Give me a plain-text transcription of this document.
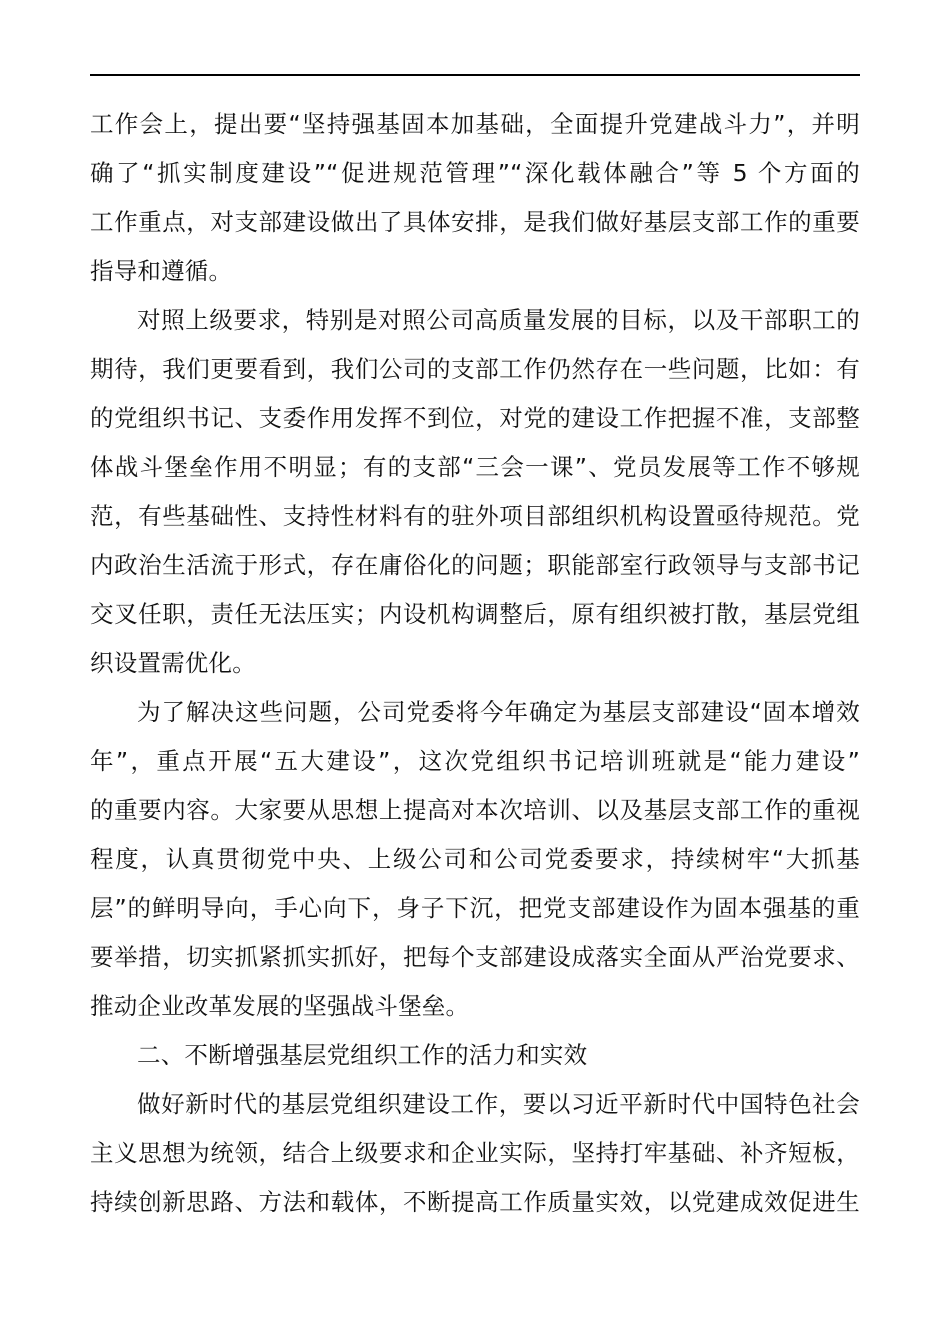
工作会上，提出要“坚持强基固本加基础，全面提升党建战斗力”，并明
确了“抓实制度建设”“促进规范管理”“深化载体融合”等 5 个方面的
工作重点，对支部建设做出了具体安排，是我们做好基层支部工作的重要
指导和遵循。
对照上级要求，特别是对照公司高质量发展的目标，以及干部职工的
期待，我们更要看到，我们公司的支部工作仍然存在一些问题，比如：有
的党组织书记、支委作用发挥不到位，对党的建设工作把握不准，支部整
体战斗堡垒作用不明显；有的支部“三会一课”、党员发展等工作不够规
范，有些基础性、支持性材料有的驻外项目部组织机构设置亟待规范。党
内政治生活流于形式，存在庸俗化的问题；职能部室行政领导与支部书记
交叉任职，责任无法压实；内设机构调整后，原有组织被打散，基层党组
织设置需优化。
为了解决这些问题，公司党委将今年确定为基层支部建设“固本增效
年”，重点开展“五大建设”，这次党组织书记培训班就是“能力建设”
的重要内容。大家要从思想上提高对本次培训、以及基层支部工作的重视
程度，认真贯彻党中央、上级公司和公司党委要求，持续树牢“大抓基
层”的鲜明导向，手心向下，身子下沉，把党支部建设作为固本强基的重
要举措，切实抓紧抓实抓好，把每个支部建设成落实全面从严治党要求、
推动企业改革发展的坚强战斗堡垒。
二、不断增强基层党组织工作的活力和实效
做好新时代的基层党组织建设工作，要以习近平新时代中国特色社会
主义思想为统领，结合上级要求和企业实际，坚持打牢基础、补齐短板，
持续创新思路、方法和载体，不断提高工作质量实效，以党建成效促进生
